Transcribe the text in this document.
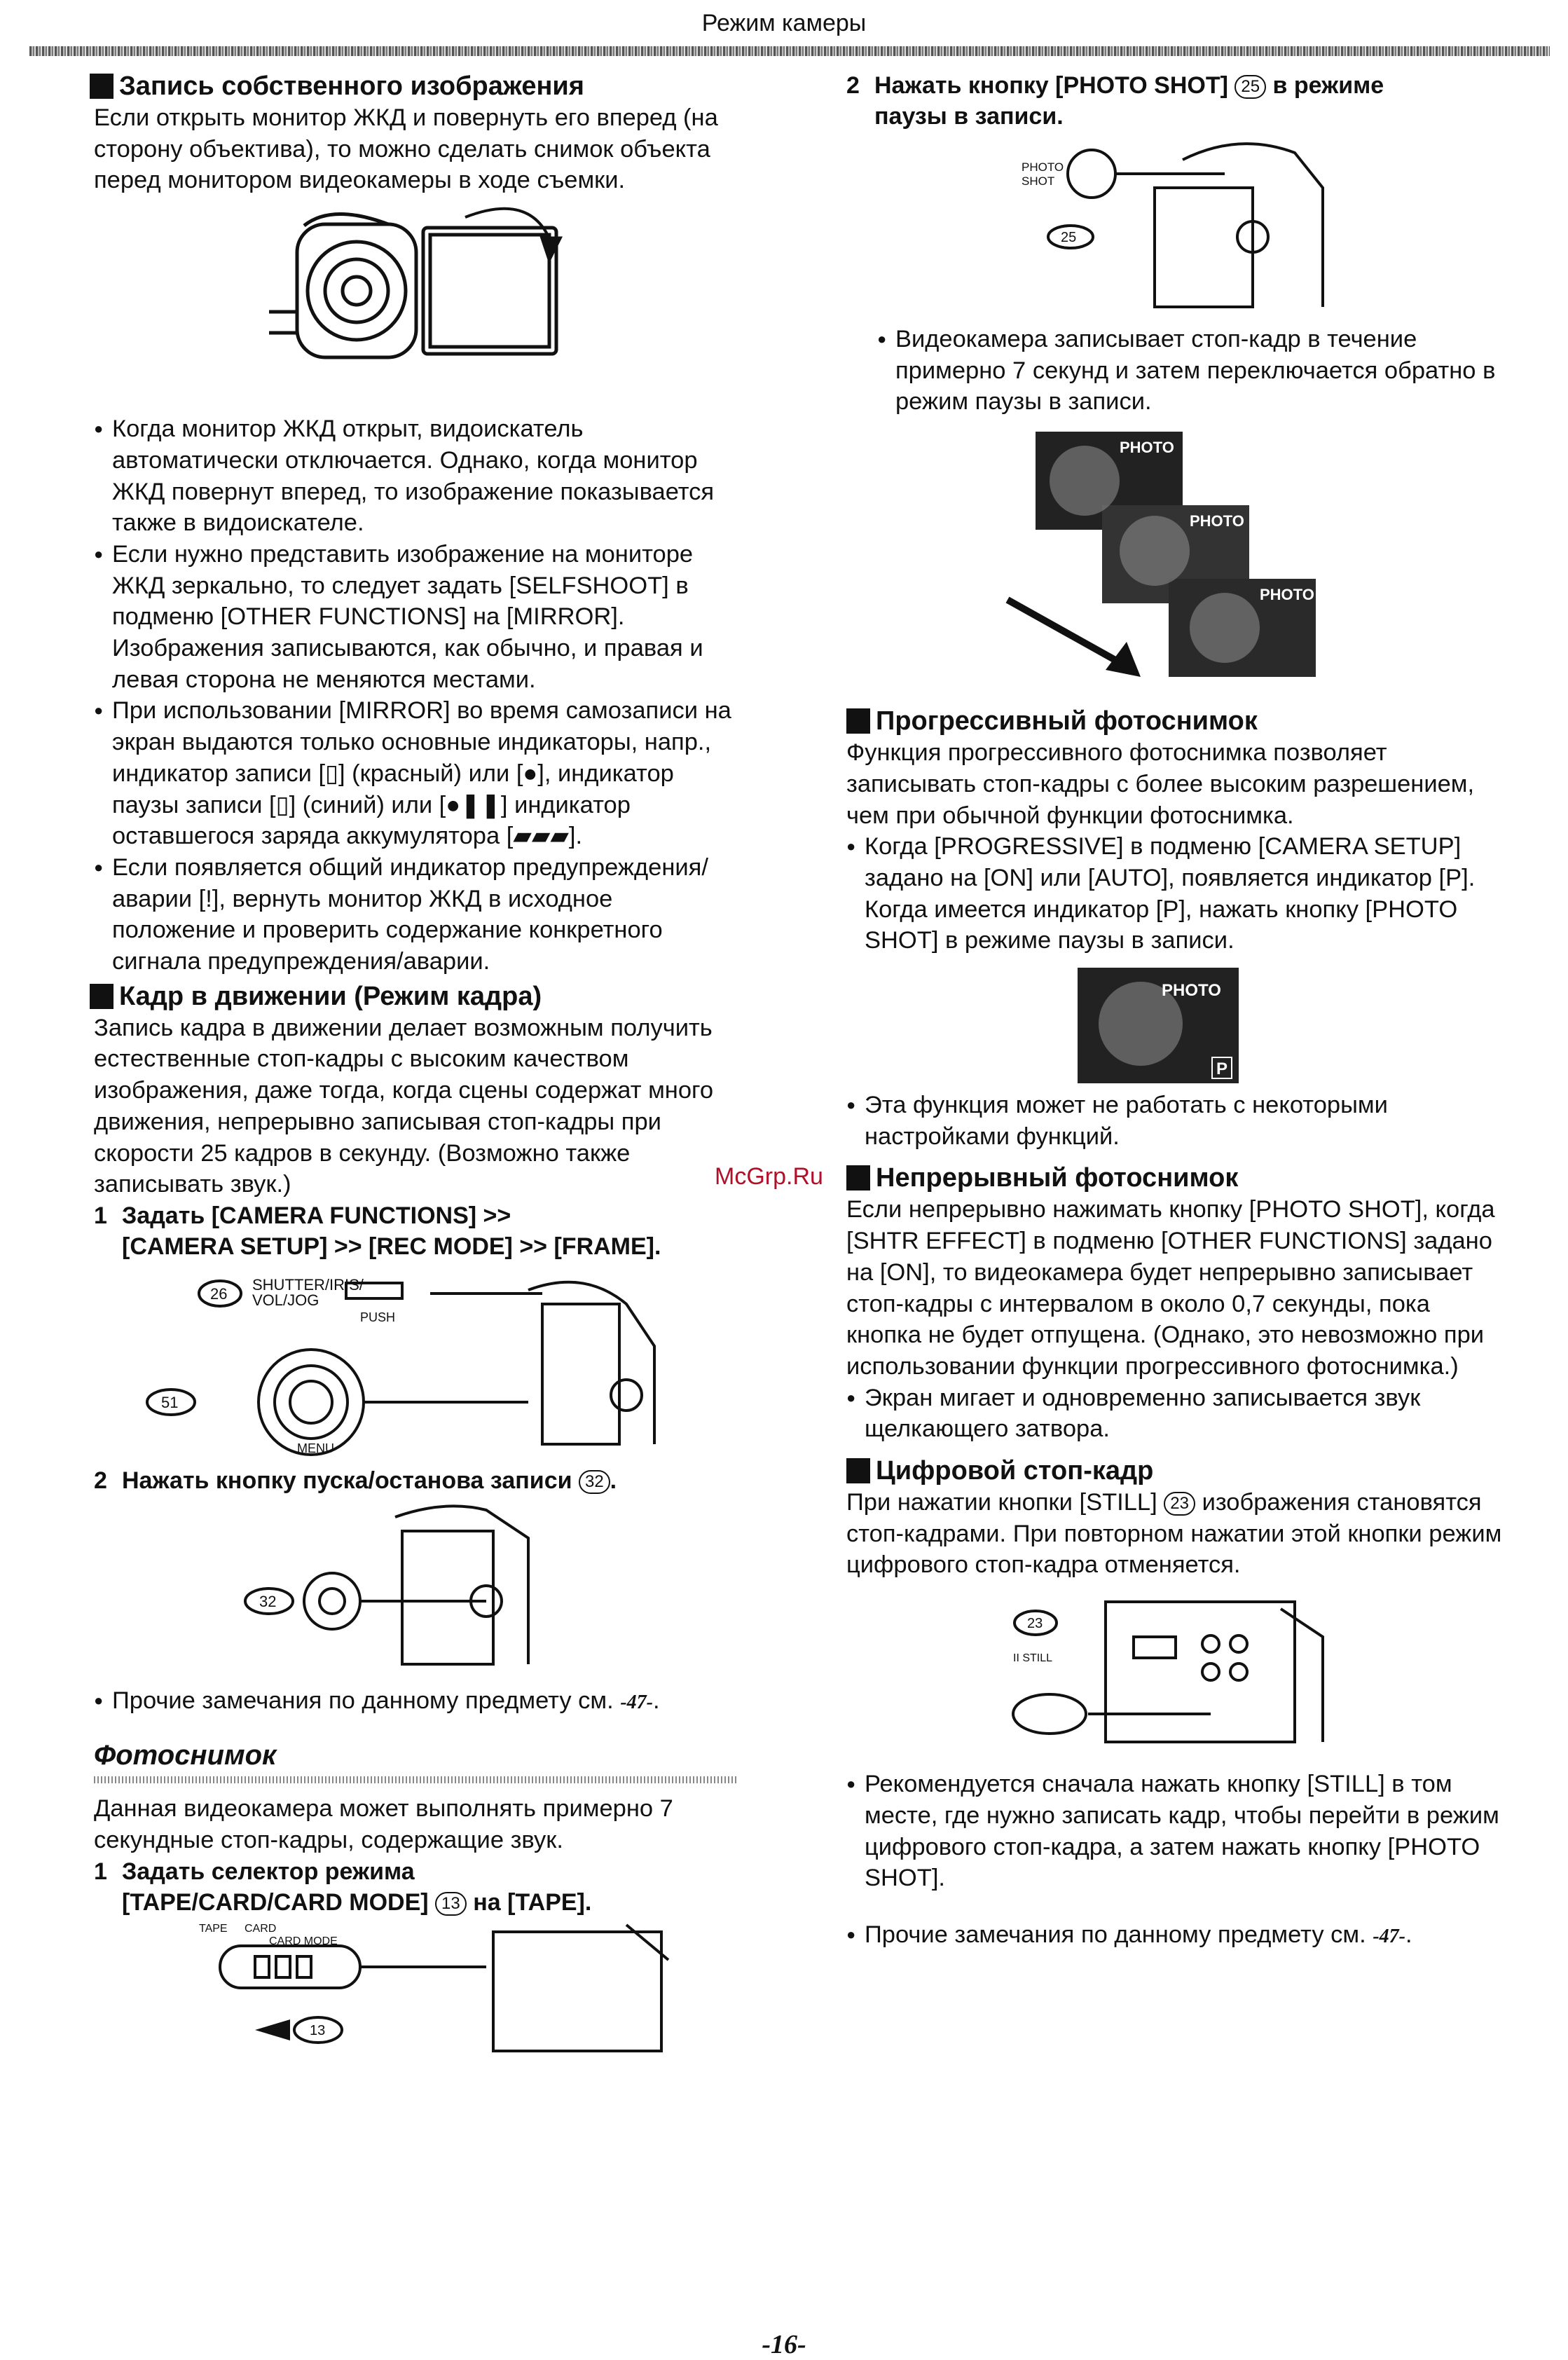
Режим камеры

Запись собственного изображения

Если открыть монитор ЖКД и повернуть его вперед (на сторону объектива), то можно сделать снимок объекта перед монитором видеокамеры в ходе съемки.

● Когда монитор ЖКД открыт, видоискатель автоматически отключается. Однако, когда монитор ЖКД повернут вперед, то изображение показывается также в видоискателе.

● Если нужно представить изображение на мониторе ЖКД зеркально, то следует задать [SELFSHOOT] в подменю [OTHER FUNCTIONS] на [MIRROR]. Изображения записываются, как обычно, и правая и левая сторона не меняются местами.

● При использовании [MIRROR] во время самозаписи на экран выдаются только основные индикаторы, напр., индикатор записи [▯] (красный) или [●], индикатор паузы записи [▯] (синий) или [●❚❚] индикатор оставшегося заряда аккумулятора [▰▰▰].

● Если появляется общий индикатор предупреждения/аварии [!], вернуть монитор ЖКД в исходное положение и проверить содержание конкретного сигнала предупреждения/аварии.

Кадр в движении (Режим кадра)

Запись кадра в движении делает возможным получить естественные стоп-кадры с высоким качеством изображения, даже тогда, когда сцены содержат много движения, непрерывно записывая стоп-кадры при скорости 25 кадров в секунду. (Возможно также записывать звук.)

1 Задать [CAMERA FUNCTIONS] >>

[CAMERA SETUP] >> [REC MODE] >> [FRAME].

26
SHUTTER/IRIS/
VOL/JOG
PUSH
51
MENU

2 Нажать кнопку пуска/останова записи 32 .

32

● Прочие замечания по данному предмету см. -47-.

Фотоснимок

Данная видеокамера может выполнять примерно 7 секундные стоп-кадры, содержащие звук.

1 Задать селектор режима

[TAPE/CARD/CARD MODE] 13 на [TAPE].

TAPE CARD
CARD MODE
13

2 Нажать кнопку [PHOTO SHOT] 25 в режиме

паузы в записи.

PHOTO
SHOT
25

● Видеокамера записывает стоп-кадр в течение примерно 7 секунд и затем переключается обратно в режим паузы в записи.

PHOTO
PHOTO
PHOTO

Прогрессивный фотоснимок

Функция прогрессивного фотоснимка позволяет записывать стоп-кадры с более высоким разрешением, чем при обычной функции фотоснимка.

● Когда [PROGRESSIVE] в подменю [CAMERA SETUP] задано на [ON] или [AUTO], появляется индикатор [P]. Когда имеется индикатор [P], нажать кнопку [PHOTO SHOT] в режиме паузы в записи.

PHOTO
P

● Эта функция может не работать с некоторыми настройками функций.

Непрерывный фотоснимок

Если непрерывно нажимать кнопку [PHOTO SHOT], когда [SHTR EFFECT] в подменю [OTHER FUNCTIONS] задано на [ON], то видеокамера будет непрерывно записывает стоп-кадры с интервалом в около 0,7 секунды, пока кнопка не будет отпущена. (Однако, это невозможно при использовании функции прогрессивного фотоснимка.)

● Экран мигает и одновременно записывается звук щелкающего затвора.

Цифровой стоп-кадр

При нажатии кнопки [STILL] 23 изображения становятся стоп-кадрами. При повторном нажатии этой кнопки режим цифрового стоп-кадра отменяется.

23
II STILL

● Рекомендуется сначала нажать кнопку [STILL] в том месте, где нужно записать кадр, чтобы перейти в режим цифрового стоп-кадра, а затем нажать кнопку [PHOTO SHOT].

● Прочие замечания по данному предмету см. -47-.

McGrp.Ru
-16-
